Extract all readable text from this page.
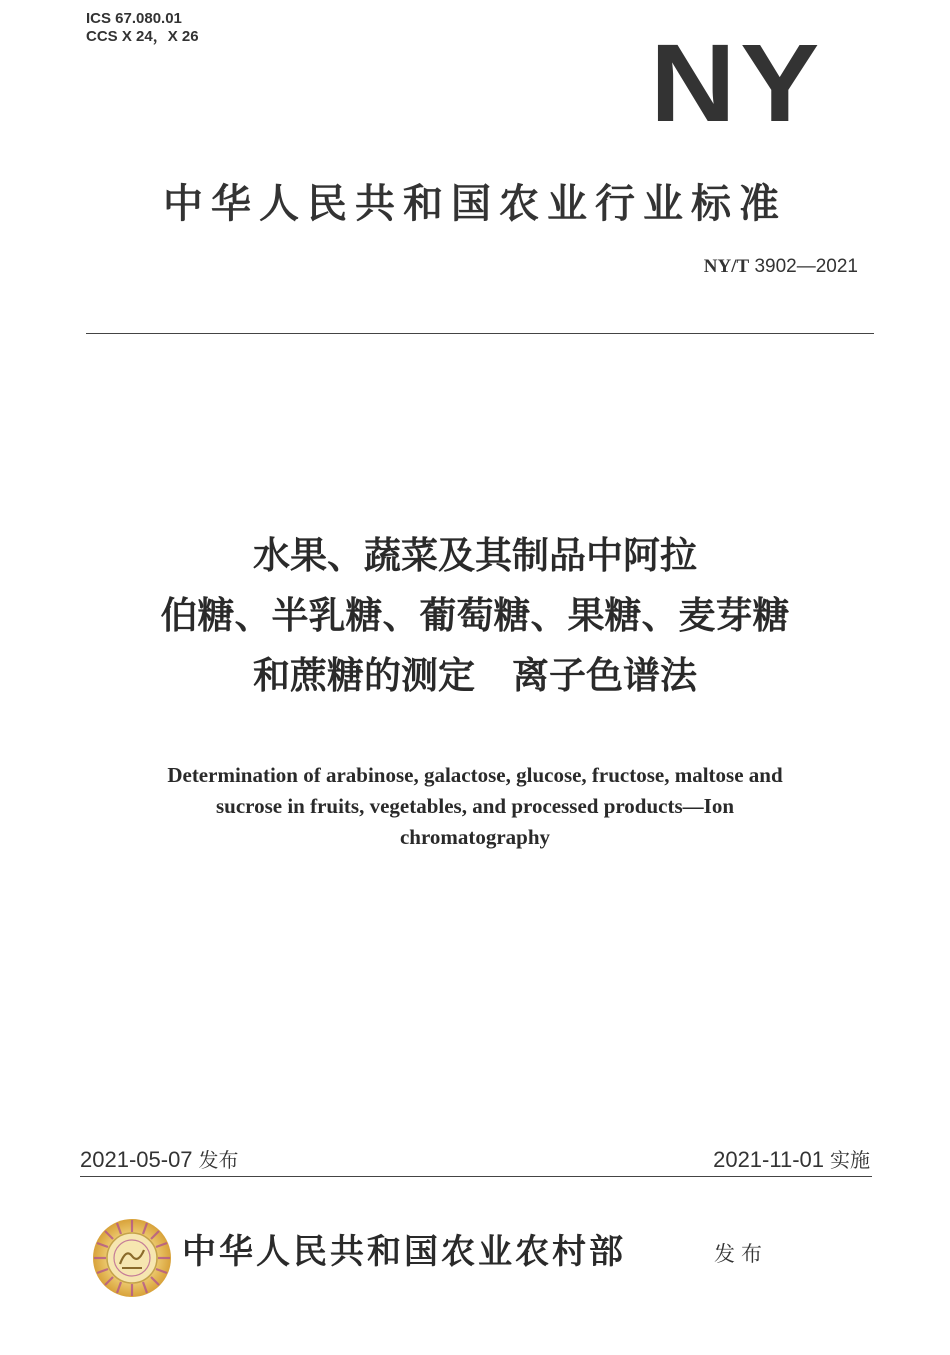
ICS 67.080.01
CCS X 24，X 26	NY
中华人民共和国农业行业标准
NY/T 3902—2021
水果、蔬菜及其制品中阿拉
伯糖、半乳糖、葡萄糖、果糖、麦芽糖
和蔗糖的测定　离子色谱法
Determination of arabinose, galactose, glucose, fructose, maltose and
sucrose in fruits, vegetables, and processed products—Ion
chromatography
2021-05-07 发布	2021-11-01 实施
中华人民共和国农业农村部	发布
